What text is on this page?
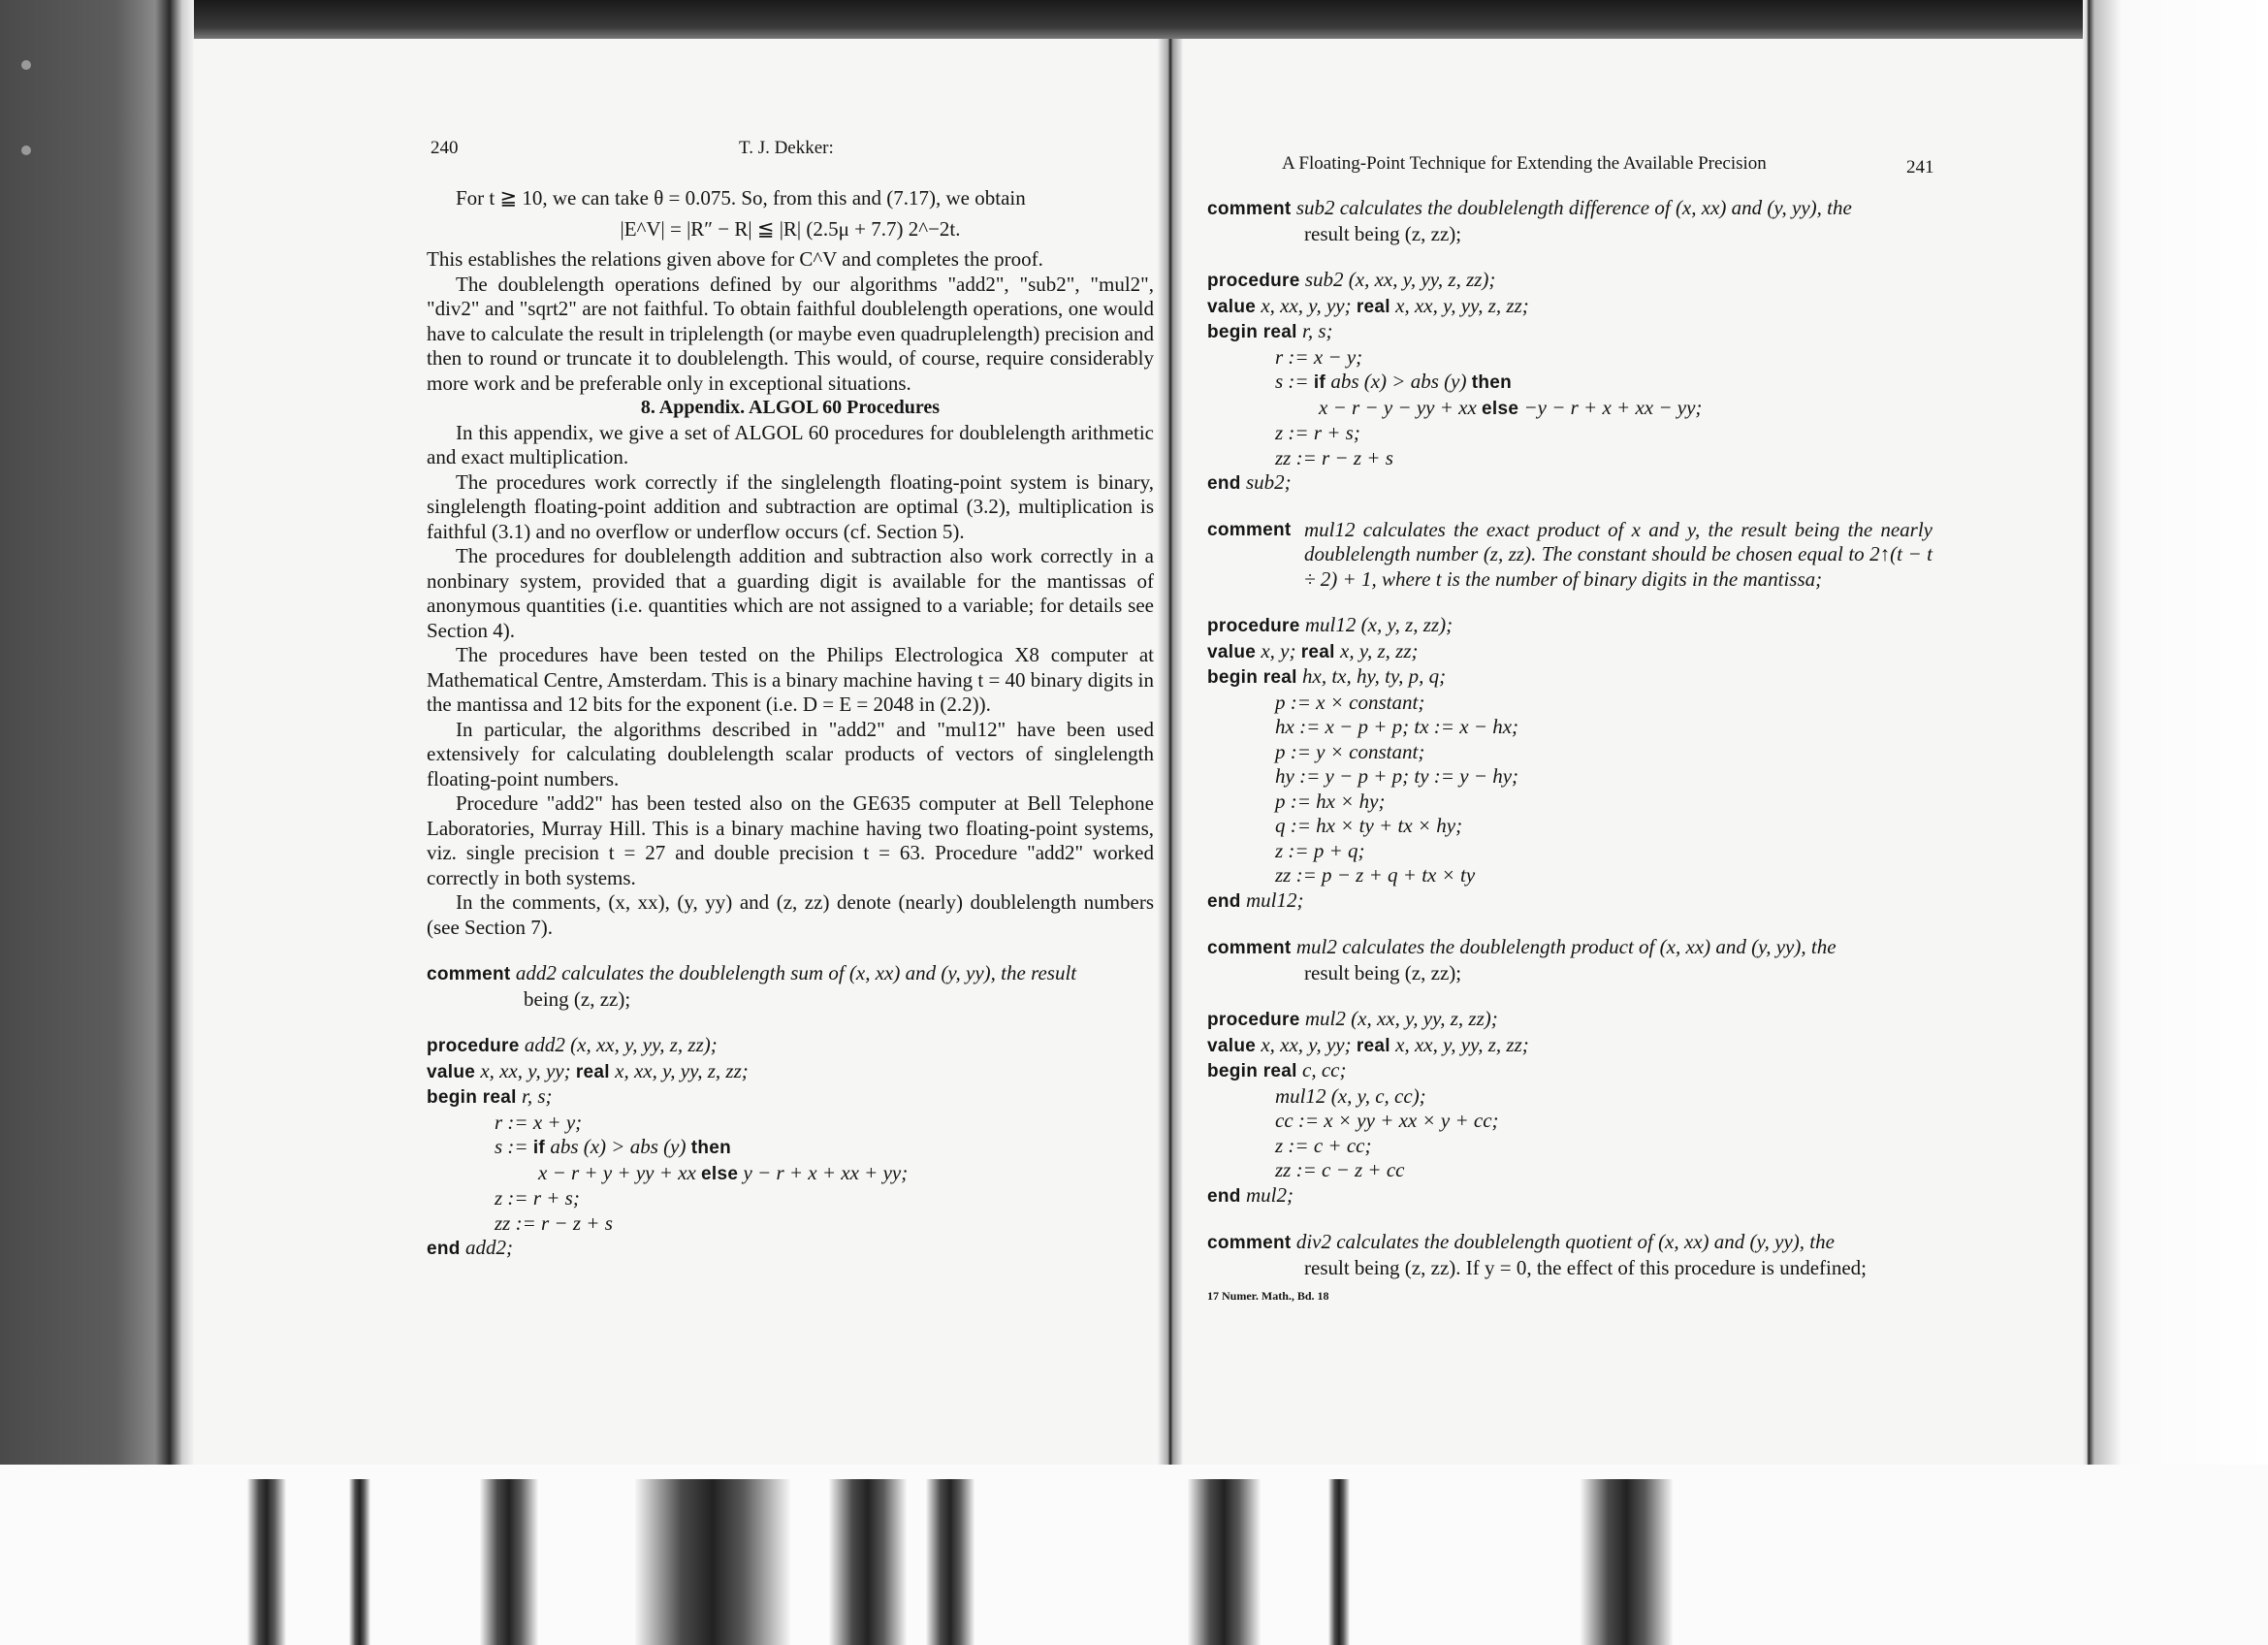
240	T. J. Dekker:

For t ≧ 10, we can take θ = 0.075. So, from this and (7.17), we obtain

|E^V| = |R″ − R| ≦ |R| (2.5μ + 7.7) 2^−2t.

This establishes the relations given above for C^V and completes the proof.

The doublelength operations defined by our algorithms "add2", "sub2", "mul2", "div2" and "sqrt2" are not faithful. To obtain faithful doublelength operations, one would have to calculate the result in triplelength (or maybe even quadruplelength) precision and then to round or truncate it to doublelength. This would, of course, require considerably more work and be preferable only in exceptional situations.

8. Appendix. ALGOL 60 Procedures

In this appendix, we give a set of ALGOL 60 procedures for doublelength arithmetic and exact multiplication.

The procedures work correctly if the singlelength floating-point system is binary, singlelength floating-point addition and subtraction are optimal (3.2), multiplication is faithful (3.1) and no overflow or underflow occurs (cf. Section 5).

The procedures for doublelength addition and subtraction also work correctly in a nonbinary system, provided that a guarding digit is available for the mantissas of anonymous quantities (i.e. quantities which are not assigned to a variable; for details see Section 4).

The procedures have been tested on the Philips Electrologica X8 computer at Mathematical Centre, Amsterdam. This is a binary machine having t = 40 binary digits in the mantissa and 12 bits for the exponent (i.e. D = E = 2048 in (2.2)).

In particular, the algorithms described in "add2" and "mul12" have been used extensively for calculating doublelength scalar products of vectors of singlelength floating-point numbers.

Procedure "add2" has been tested also on the GE635 computer at Bell Telephone Laboratories, Murray Hill. This is a binary machine having two floating-point systems, viz. single precision t = 27 and double precision t = 63. Procedure "add2" worked correctly in both systems.

In the comments, (x, xx), (y, yy) and (z, zz) denote (nearly) doublelength numbers (see Section 7).

comment add2 calculates the doublelength sum of (x, xx) and (y, yy), the result

being (z, zz);

procedure add2 (x, xx, y, yy, z, zz);

value x, xx, y, yy; real x, xx, y, yy, z, zz;

begin real r, s;

r := x + y;

s := if abs (x) > abs (y) then

x − r + y + yy + xx else y − r + x + xx + yy;

z := r + s;

zz := r − z + s

end add2;

A Floating-Point Technique for Extending the Available Precision	241

comment sub2 calculates the doublelength difference of (x, xx) and (y, yy), the

result being (z, zz);

procedure sub2 (x, xx, y, yy, z, zz);

value x, xx, y, yy; real x, xx, y, yy, z, zz;

begin real r, s;

r := x − y;

s := if abs (x) > abs (y) then

x − r − y − yy + xx else −y − r + x + xx − yy;

z := r + s;

zz := r − z + s

end sub2;

comment mul12 calculates the exact product of x and y, the result being the nearly doublelength number (z, zz). The constant should be chosen equal to 2↑(t − t ÷ 2) + 1, where t is the number of binary digits in the mantissa;

procedure mul12 (x, y, z, zz);

value x, y; real x, y, z, zz;

begin real hx, tx, hy, ty, p, q;

p := x × constant;

hx := x − p + p; tx := x − hx;

p := y × constant;

hy := y − p + p; ty := y − hy;

p := hx × hy;

q := hx × ty + tx × hy;

z := p + q;

zz := p − z + q + tx × ty

end mul12;

comment mul2 calculates the doublelength product of (x, xx) and (y, yy), the

result being (z, zz);

procedure mul2 (x, xx, y, yy, z, zz);

value x, xx, y, yy; real x, xx, y, yy, z, zz;

begin real c, cc;

mul12 (x, y, c, cc);

cc := x × yy + xx × y + cc;

z := c + cc;

zz := c − z + cc

end mul2;

comment div2 calculates the doublelength quotient of (x, xx) and (y, yy), the

result being (z, zz). If y = 0, the effect of this procedure is undefined;

17 Numer. Math., Bd. 18
